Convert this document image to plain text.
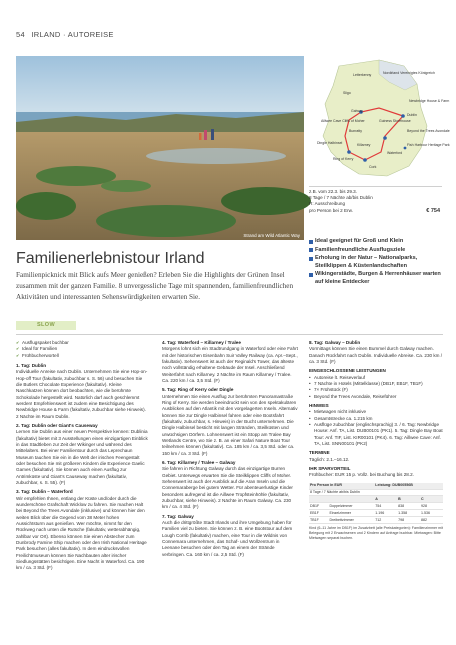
54 IRLAND · AUTOREISE
Strand am Wild Atlantic Way
Nordirland Vereinigtes Königreich
Letterkenny
Sligo
Newbridge House & Farm
Galway
Dublin
Aillwee Cave Cliffs of Moher	Guiness Storehouse
Bunratty	Beyond the Trees Avondale
Dingle Halbinsel	Killarney
Ring of Kerry
Fish Harbour Heritage Park
Waterford
Cork
z.B. vom 22.3. bis 29.3.
8 Tage / 7 Nächte ab/bis Dublin
R: Ausschreibung
pro Person bei 2 Erw.	€ 754
Familienerlebnistour Irland

Familienpicknick mit Blick aufs Meer genießen? Erleben Sie die Highlights der Grünen Insel zusammen mit der ganzen Familie. 8 unvergessliche Tage mit spannenden, familienfreundlichen Aktivitäten und interessanten Sehenswürdigkeiten erwarten Sie.

SLOW
Ideal geeignet für Groß und Klein
Familienfreundliche Ausflugsziele
Erholung in der Natur – Nationalparks, Steilklippen & Küstenlandschaften
Wikingerstädte, Burgen & Herrenhäuser warten auf kleine Entdecker
✔ Ausflugspaket buchbar
✔ Ideal für Familien
✔ Frühbucherwortell

1. Tag: Dublin
Individuelle Anreise nach Dublin. Unternehmen Sie eine Hop-on-Hop-off Tour (fakultativ, zubuchbar s. S. 56) und besuchen Sie die Butlers Chocolate Experience (fakultativ). Kleine Naschkatzen können dort beobachten, wie die berühmte Schokolade hergestellt wird. Natürlich darf auch geschlemmt werden! Empfehlenswert ist zudem eine Besichtigung des Newbridge House & Farm (fakultativ, zubuchbar siehe Hinweis). 2 Nächte im Raum Dublin.

2. Tag: Dublin oder Giant's Causeway
Lernen Sie Dublin aus einer neuen Perspektive kennen: Dublinia (fakultativ) bietet mit 3 Ausstellungen einen einzigartigen Einblick in das Stadtleben zur Zeit der Wikinger und während des Mittelalters. Bei einer Familientour durch das Leprechaun Museum tauchen Sie ein in die Welt der irischen Feengestalt oder besuchen Sie mit größeren Kindern die Experience Gaelic Games (fakultativ). Sie können auch einen Ausflug zur Antrimküste und Giant's Causeway machen (fakultativ, zubuchbar, s. S. 55). (F)

3. Tag: Dublin – Waterford
Wir empfehlen Ihnen, entlang der Küste und/oder durch die wunderschöne Grafschaft Wicklow zu fahren. Sie machen Halt bei Beyond the Trees Avondale (inklusive) und können hier den weiten Blick über die Gegend vom 38 Meter hohen Aussichtsturm aus genießen. Wer möchte, nimmt für den Rückweg nach unten die Rutsche (fakultativ, wetterabhängig, zahlbar vor Ort). Ebenso können Sie einen Abstecher zum Dunbrody Famine Ship machen oder den Irish National Heritage Park besuchen (alles fakultativ). In dem eindrucksvollen Freilichtmuseum können Sie Nachbauten alter irischer Siedlungsstätten besichtigen. Eine Nacht in Waterford. Ca. 190 km / ca. 3 Std. (F)

4. Tag: Waterford – Killarney / Tralee
Morgens lohnt sich ein Stadtrundgang in Waterford oder eine Fahrt mit der historischen Eisenbahn Suir Valley Railway (ca. Apr.–Sept., fakultativ). Sehenswert ist auch der Reginald's Tower, das älteste noch vollständig erhaltene Gebäude der Insel. Anschließend Weiterfahrt nach Killarney. 2 Nächte im Raum Killarney / Tralee. Ca. 220 km / ca. 3,5 Std. (F)

5. Tag: Ring of Kerry oder Dingle
Unternehmen Sie einen Ausflug zur berühmten Panoramastraße Ring of Kerry. Sie werden beeindruckt sein von den spektakulären Ausblicken auf den Atlantik mit den vorgelagerten Inseln. Alternativ können Sie zur Dingle Halbinsel fahren oder eine Bootsfahrt (fakultativ, zubuchbar, s. Hinweis) in der Bucht unternehmen. Die Dingle Halbinsel besticht mit langen Stränden, Steilküsten und urwüchsigen Dörfern. Lohnenswert ist ein Stopp am Tralee Bay Wetlands Centre, wo Sie z. B. an einer Safari Nature Boat Tour teilnehmen können (fakultativ). Ca. 185 km / ca. 3,5 Std. oder ca. 150 km / ca. 3 Std. (F)

6. Tag: Killarney / Tralee – Galway
Sie fahren in Richtung Galway durch das einzigartige Burren Gebiet. Unterwegs erwarten Sie die Steilklippen Cliffs of Moher. Sehenswert ist auch der Ausblick auf die Aran Inseln und die Connemaraberge bei gutem Wetter. Für abenteuerlustige Kinder besonders aufregend ist die Aillwee Tropfsteinhöhle (fakultativ, zubuchbar, siehe Hinweis). 2 Nächte im Raum Galway. Ca. 230 km / ca. 4 Std. (F)

7. Tag: Galway
Auch die drittgrößte Stadt Irlands und ihre Umgebung haben für Familien viel zu bieten. Sie können z. B. eine Bootstour auf dem Lough Corrib (fakultativ) machen, eine Tour in die Wildnis von Connemara unternehmen, das Schaf- und Wollzentrum in Leenane besuchen oder den Tag an einem der Strände verbringen. Ca. 160 km / ca. 2,5 Std. (F)

8. Tag: Galway – Dublin
Vormittags können Sie einen Bummel durch Galway machen. Danach Rückfahrt nach Dublin. Individuelle Abreise. Ca. 230 km / ca. 3 Std. (F)

EINGESCHLOSSENE LEISTUNGEN
• Autoreise lt. Reiseverlauf
• 7 Nächte in Hotels (Mittelklasse) (DB1F, EB1F, TB1F)
• 7× Frühstück (F)
• Beyond the Trees Avondale, Reiseführer
HINWEIS
• Mietwagen nicht inklusive
• Gesamtstrecke ca. 1.215 km
• Ausflüge zubuchbar (englischsprachig) 3. / 6. Tag: Newbridge House: Anf. TA, List. DUB00101 (PK1). 5. Tag: Dingle Bay Boat Tour: Anf. TIF, List. KIR00101 (PK4). 6. Tag: Aillwee Cave: Anf. TA, List. SNN00101 (PK2)
TERMINE
Täglich: 2.1.–16.12.
IHR SPARVORTEIL
Frühbucher: EUR 15 p. Vollz. bei Buchung bis 28.2.
Pro Person in EUR		Leistung: DUB00556B		
8 Tage / 7 Nächte ab/bis Dublin				
		A	B	C
DB1F	Doppelzimmer	754	838	928
EB1F	Einzelzimmer	1.196	1.358	1.536
TB1F	Dreibettzimmer	712	798	882
Kind (6–11 Jahre im DB1F) im Zusatzbett (alle Preiskategorien): Familienzimmer mit Belegung mit 2 Erwachsenen und 2 Kindern auf Anfrage buchbar. Mietwagen: Bitte Mietwagen separat buchen.
